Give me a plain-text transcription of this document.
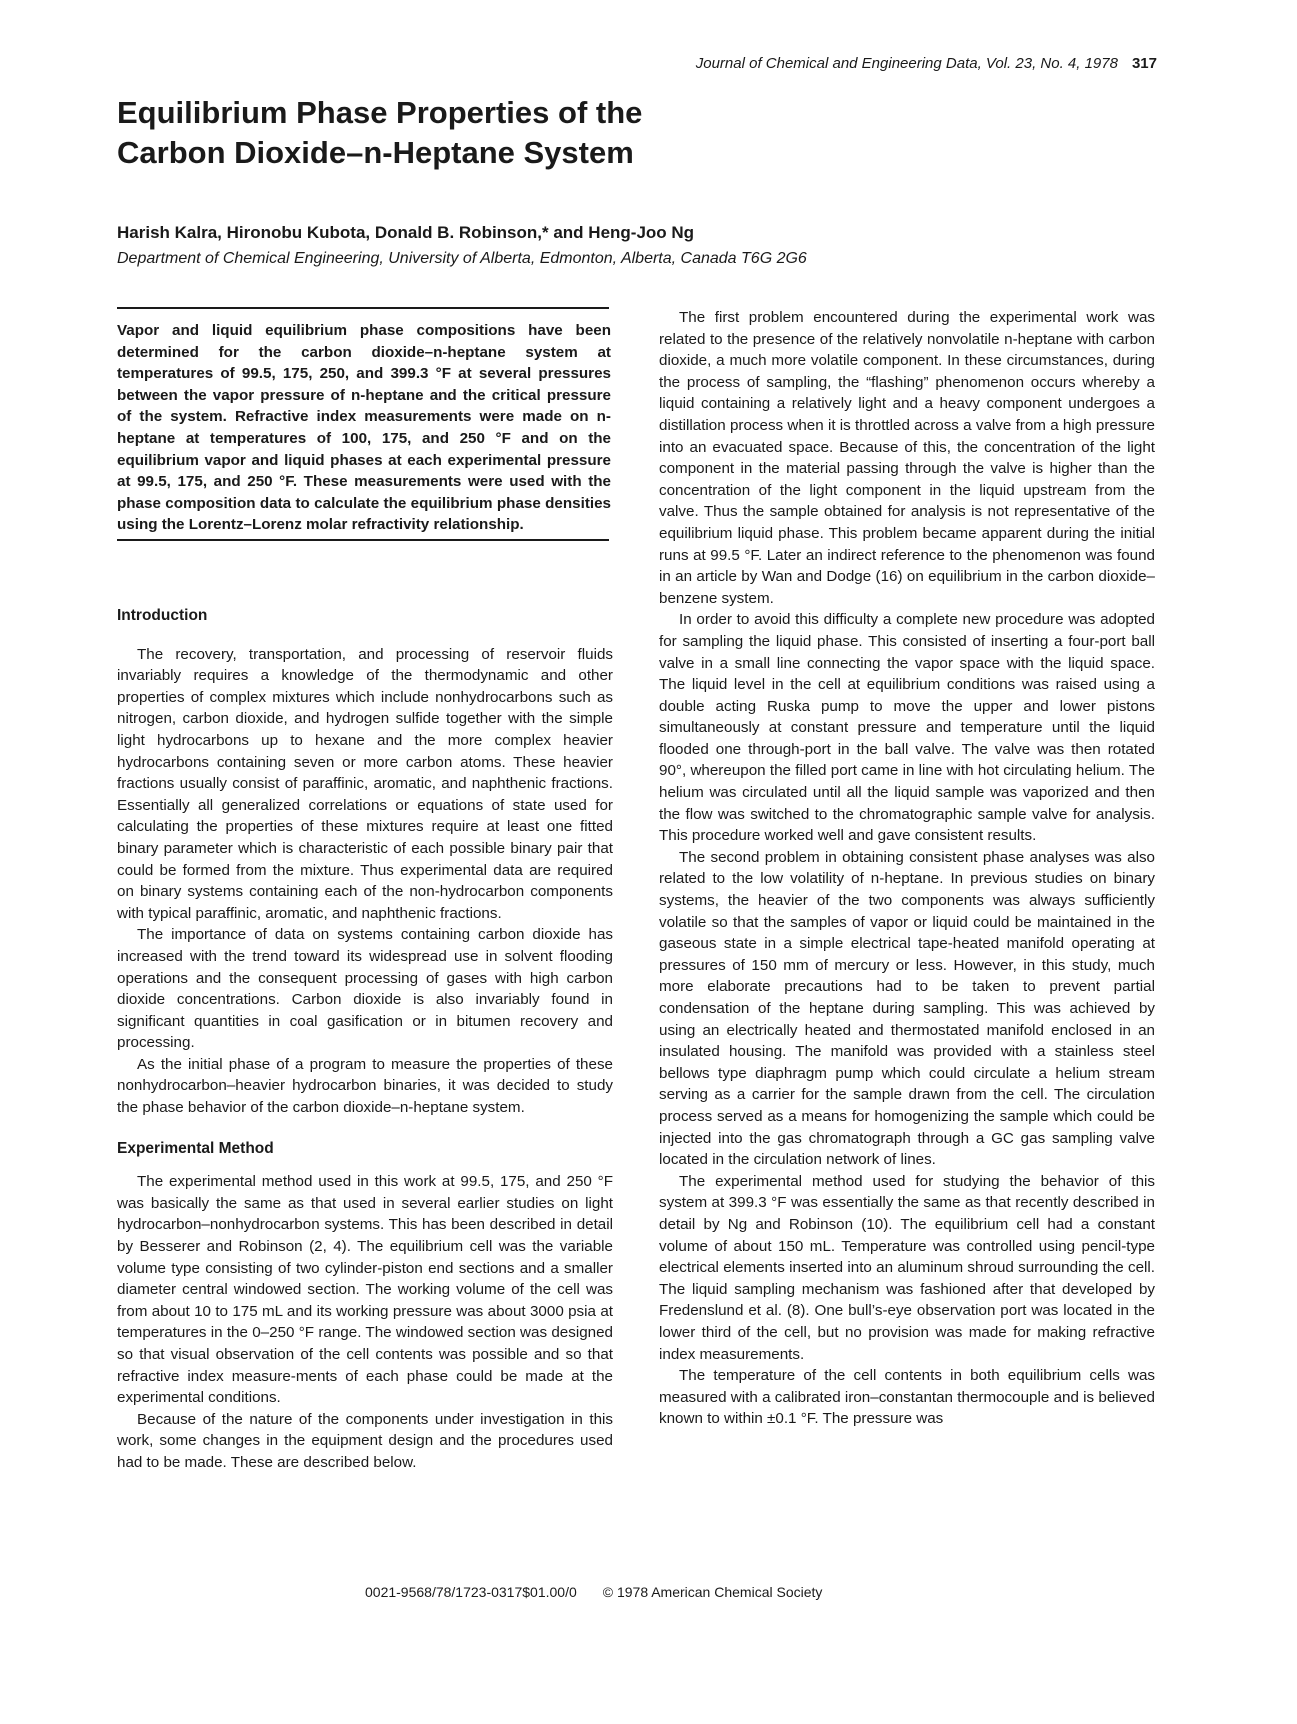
Journal of Chemical and Engineering Data, Vol. 23, No. 4, 1978 317
Equilibrium Phase Properties of the
Carbon Dioxide–n-Heptane System
Harish Kalra, Hironobu Kubota, Donald B. Robinson,* and Heng-Joo Ng
Department of Chemical Engineering, University of Alberta, Edmonton, Alberta, Canada T6G 2G6
Vapor and liquid equilibrium phase compositions have been determined for the carbon dioxide–n-heptane system at temperatures of 99.5, 175, 250, and 399.3 °F at several pressures between the vapor pressure of n-heptane and the critical pressure of the system. Refractive index measurements were made on n-heptane at temperatures of 100, 175, and 250 °F and on the equilibrium vapor and liquid phases at each experimental pressure at 99.5, 175, and 250 °F. These measurements were used with the phase composition data to calculate the equilibrium phase densities using the Lorentz–Lorenz molar refractivity relationship.
Introduction

The recovery, transportation, and processing of reservoir fluids invariably requires a knowledge of the thermodynamic and other properties of complex mixtures which include nonhydrocarbons such as nitrogen, carbon dioxide, and hydrogen sulfide together with the simple light hydrocarbons up to hexane and the more complex heavier hydrocarbons containing seven or more carbon atoms. These heavier fractions usually consist of paraffinic, aromatic, and naphthenic fractions. Essentially all generalized correlations or equations of state used for calculating the properties of these mixtures require at least one fitted binary parameter which is characteristic of each possible binary pair that could be formed from the mixture. Thus experimental data are required on binary systems containing each of the non-hydrocarbon components with typical paraffinic, aromatic, and naphthenic fractions.

The importance of data on systems containing carbon dioxide has increased with the trend toward its widespread use in solvent flooding operations and the consequent processing of gases with high carbon dioxide concentrations. Carbon dioxide is also invariably found in significant quantities in coal gasification or in bitumen recovery and processing.

As the initial phase of a program to measure the properties of these nonhydrocarbon–heavier hydrocarbon binaries, it was decided to study the phase behavior of the carbon dioxide–n-heptane system.

Experimental Method

The experimental method used in this work at 99.5, 175, and 250 °F was basically the same as that used in several earlier studies on light hydrocarbon–nonhydrocarbon systems. This has been described in detail by Besserer and Robinson (2, 4). The equilibrium cell was the variable volume type consisting of two cylinder-piston end sections and a smaller diameter central windowed section. The working volume of the cell was from about 10 to 175 mL and its working pressure was about 3000 psia at temperatures in the 0–250 °F range. The windowed section was designed so that visual observation of the cell contents was possible and so that refractive index measure-ments of each phase could be made at the experimental conditions.

Because of the nature of the components under investigation in this work, some changes in the equipment design and the procedures used had to be made. These are described below.

The first problem encountered during the experimental work was related to the presence of the relatively nonvolatile n-heptane with carbon dioxide, a much more volatile component. In these circumstances, during the process of sampling, the “flashing” phenomenon occurs whereby a liquid containing a relatively light and a heavy component undergoes a distillation process when it is throttled across a valve from a high pressure into an evacuated space. Because of this, the concentration of the light component in the material passing through the valve is higher than the concentration of the light component in the liquid upstream from the valve. Thus the sample obtained for analysis is not representative of the equilibrium liquid phase. This problem became apparent during the initial runs at 99.5 °F. Later an indirect reference to the phenomenon was found in an article by Wan and Dodge (16) on equilibrium in the carbon dioxide–benzene system.

In order to avoid this difficulty a complete new procedure was adopted for sampling the liquid phase. This consisted of inserting a four-port ball valve in a small line connecting the vapor space with the liquid space. The liquid level in the cell at equilibrium conditions was raised using a double acting Ruska pump to move the upper and lower pistons simultaneously at constant pressure and temperature until the liquid flooded one through-port in the ball valve. The valve was then rotated 90°, whereupon the filled port came in line with hot circulating helium. The helium was circulated until all the liquid sample was vaporized and then the flow was switched to the chromatographic sample valve for analysis. This procedure worked well and gave consistent results.

The second problem in obtaining consistent phase analyses was also related to the low volatility of n-heptane. In previous studies on binary systems, the heavier of the two components was always sufficiently volatile so that the samples of vapor or liquid could be maintained in the gaseous state in a simple electrical tape-heated manifold operating at pressures of 150 mm of mercury or less. However, in this study, much more elaborate precautions had to be taken to prevent partial condensation of the heptane during sampling. This was achieved by using an electrically heated and thermostated manifold enclosed in an insulated housing. The manifold was provided with a stainless steel bellows type diaphragm pump which could circulate a helium stream serving as a carrier for the sample drawn from the cell. The circulation process served as a means for homogenizing the sample which could be injected into the gas chromatograph through a GC gas sampling valve located in the circulation network of lines.

The experimental method used for studying the behavior of this system at 399.3 °F was essentially the same as that recently described in detail by Ng and Robinson (10). The equilibrium cell had a constant volume of about 150 mL. Temperature was controlled using pencil-type electrical elements inserted into an aluminum shroud surrounding the cell. The liquid sampling mechanism was fashioned after that developed by Fredenslund et al. (8). One bull’s-eye observation port was located in the lower third of the cell, but no provision was made for making refractive index measurements.

The temperature of the cell contents in both equilibrium cells was measured with a calibrated iron–constantan thermocouple and is believed known to within ±0.1 °F. The pressure was

0021-9568/78/1723-0317$01.00/0 © 1978 American Chemical Society
